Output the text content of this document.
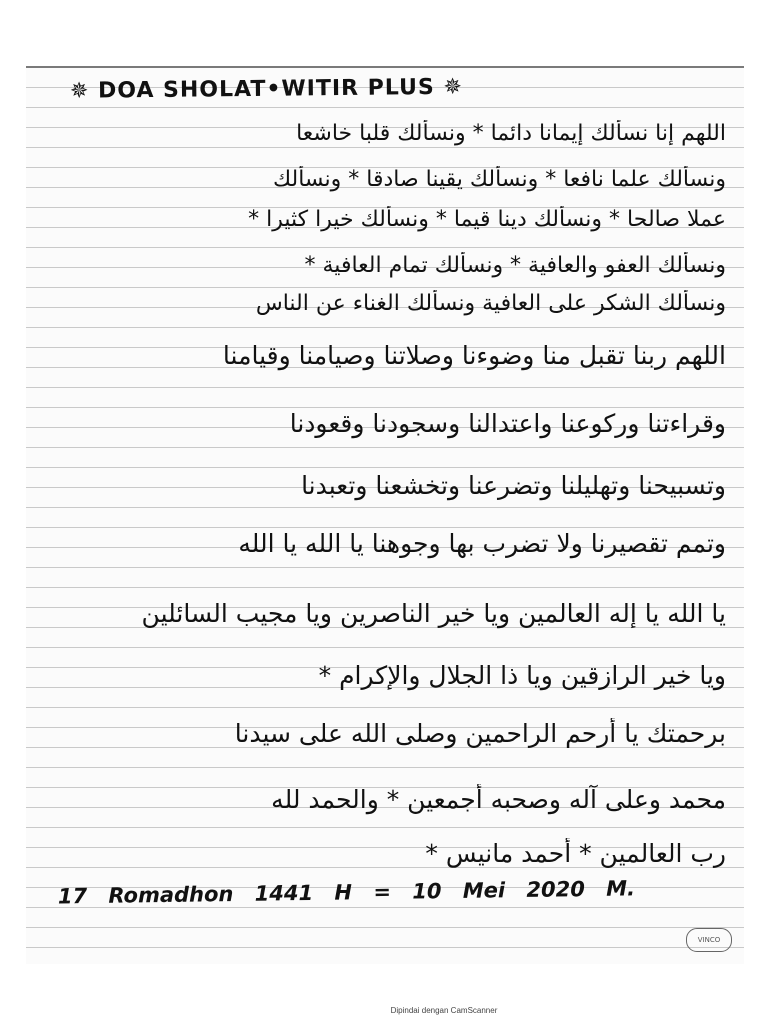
✵ DOA SHOLAT•WITIR PLUS ✵
اللهم إنا نسألك إيمانا دائما * ونسألك قلبا خاشعا
ونسألك علما نافعا * ونسألك يقينا صادقا * ونسألك
عملا صالحا * ونسألك دينا قيما * ونسألك خيرا كثيرا *
ونسألك العفو والعافية * ونسألك تمام العافية *
ونسألك الشكر على العافية ونسألك الغناء عن الناس
اللهم ربنا تقبل منا وضوءنا وصلاتنا وصيامنا وقيامنا
وقراءتنا وركوعنا واعتدالنا وسجودنا وقعودنا
وتسبيحنا وتهليلنا وتضرعنا وتخشعنا وتعبدنا
وتمم تقصيرنا ولا تضرب بها وجوهنا يا الله يا الله
يا الله يا إله العالمين ويا خير الناصرين ويا مجيب السائلين
ويا خير الرازقين ويا ذا الجلال والإكرام *
برحمتك يا أرحم الراحمين وصلى الله على سيدنا
محمد وعلى آله وصحبه أجمعين * والحمد لله
رب العالمين * أحمد مانيس *
17 Romadhon 1441 H = 10 Mei 2020 M.
VINCO
Dipindai dengan CamScanner
